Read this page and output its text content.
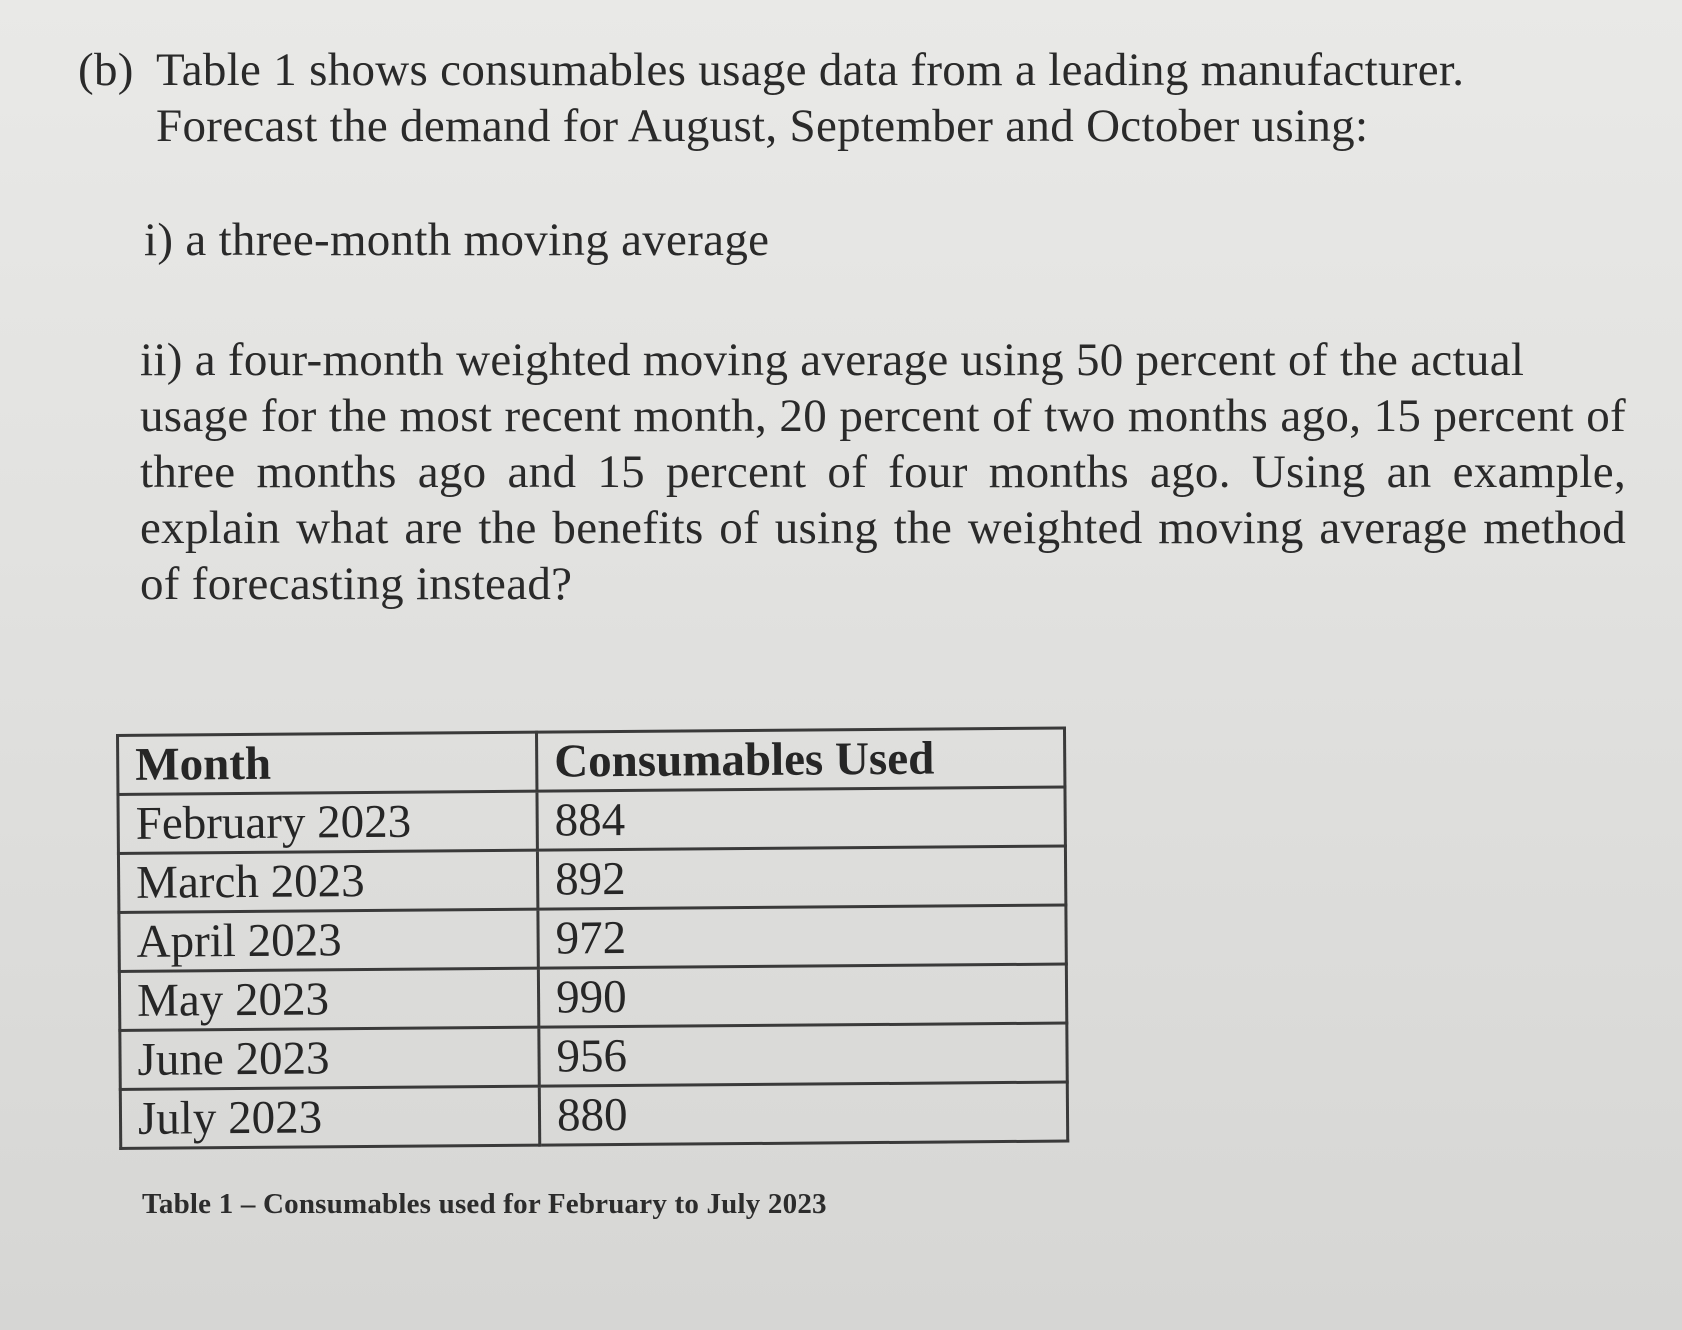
(b) Table 1 shows consumables usage data from a leading manufacturer.
Forecast the demand for August, September and October using:
i) a three-month moving average
ii) a four-month weighted moving average using 50 percent of the actual
usage for the most recent month, 20 percent of two months ago, 15 percent of three months ago and 15 percent of four months ago. Using an example, explain what are the benefits of using the weighted moving average method of forecasting instead?
Month	Consumables Used
February 2023	884
March 2023	892
April 2023	972
May 2023	990
June 2023	956
July 2023	880
Table 1 – Consumables used for February to July 2023
